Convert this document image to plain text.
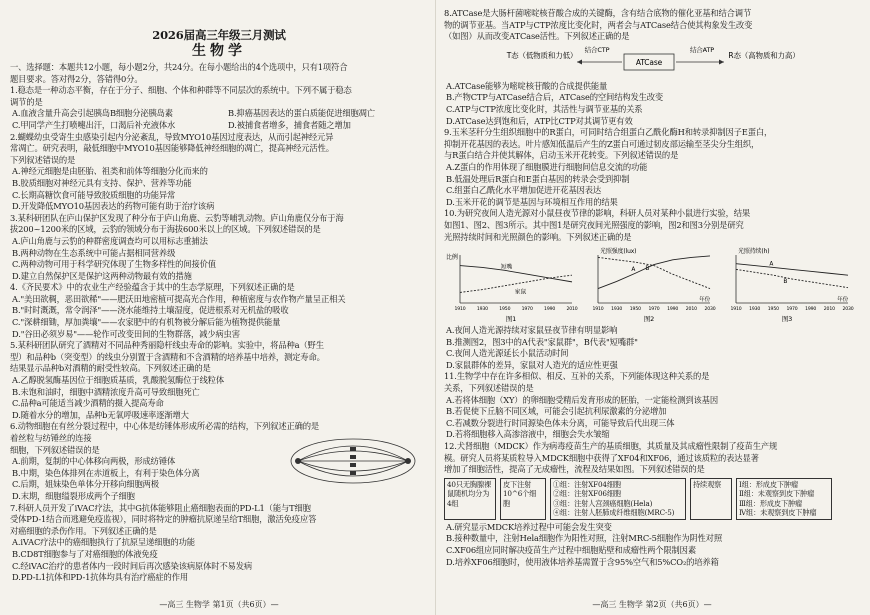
2026届高三年级三月测试
生物学

一、选择题：本题共12小题，每小题2分，共24分。在每小题给出的4个选项中，只有1项符合

题目要求。答对得2分，答错得0分。

1.稳态是一种动态平衡，存在于分子、细胞、个体和种群等不同层次的系统中。下列不属于稳态

调节的是

A.血液含量升高会引起胰岛B细胞分泌胰岛素	B.抑癌基因表达的蛋白质能促进细胞凋亡
C.甲同学产生打喷嚏出汗，口渴后补充液体水	D.被捕食者增多，捕食者随之增加

2.蝴蝶幼虫受寄生虫感染引起内分泌紊乱，导致MYO10基因过度表达，从而引起神经元异

常凋亡。研究表明，敲低细胞中MYO10基因能够降低神经细胞的凋亡，提高神经元活性。

下列叙述错误的是

A.神经元细胞是由胚胎、祖类和前体等细胞分化而来的

B.胶质细胞对神经元具有支持、保护、营养等功能

C.长期高糖饮食可能导致胶质细胞的功能异常

D.开发降低MYO10基因表达的药物可能有助于治疗该病

3.某科研团队在庐山保护区发现了种分布于庐山角鹿、云豹等哺乳动物。庐山角鹿仅分布于海

拔200~1200米的区域，云豹的领域分布于海拔600米以上的区域。下列叙述错误的是

A.庐山角鹿与云豹的种群密度调查均可以用标志重捕法

B.两种动物在生态系统中可能占据相同营养级

C.两种动物可用于科学研究体现了生物多样性的间接价值

D.建立自然保护区是保护这两种动物最有效的措施

4.《齐民要术》中的农业生产经验蕴含于其中的生态学原理，下列叙述正确的是

A."美田欲稠，恶田欲稀"——肥沃田地密植可提高光合作用，种植密度与农作物产量呈正相关

B."时时溉溉，常令润泽"——浇水能维持土壤湿度，促进根系对无机盐的吸收

C."深耕细锄，厚加粪壤"——农家肥中的有机物被分解后能为植物提供能量

D."谷田必须岁易"——轮作可改变田间的生物群落，减少病虫害

5.某科研团队研究了酒精对不同品种秀丽隐杆线虫寿命的影响。实验中，将品种a（野生

型）和品种b（突变型）的线虫分别置于含酒精和不含酒精的培养基中培养，测定寿命。

结果显示品种b对酒精的耐受性较高。下列叙述正确的是

A.乙醇脱氢酶基因位于细胞质基质，乳酸脱氢酶位于线粒体

B.未饱和油时，细胞中酒精浓度升高可导致细胞死亡

C.品种a可能适当减少酒精的摄入提高寿命

D.随着水分的增加，品种b无氧呼吸速率逐渐增大

6.动物细胞在有丝分裂过程中，中心体是纺锤体形成所必需的结构，下列叙述正确的是

着丝粒与纺锤丝的连接

细胞，下列叙述错误的是

A.前期，复制的中心体移向两极，形成纺锤体

B.中期，染色体排列在赤道板上，有利于染色体分离

C.后期，姐妹染色单体分开移向细胞两极

D.末期，细胞缢裂形成两个子细胞

7.科研人员开发了iVAC疗法，其中G抗体能够阻止癌细胞表面的PD-L1（能与T细胞

受体PD-1结合而逃避免疫监视），同时将特定的肿瘤抗原递呈给T细胞，激活免疫应答

对癌细胞的杀伤作用。下列叙述正确的是

A.iVAC疗法中的癌细胞执行了抗原呈递细胞的功能

B.CD8T细胞参与了对癌细胞的体液免疫

C.经iVAC治疗的患者体内一段时间后再次感染该病原体时不易发病

D.PD-L1抗体和PD-1抗体均具有治疗癌症的作用

—高三 生物学 第1页（共6页）—

8.ATCase是大肠杆菌嘧啶核苷酸合成的关键酶，含有结合底物的催化亚基和结合调节

物的调节亚基。当ATP与CTP浓度比变化时，两者会与ATCase结合使其构象发生改变

（如图）从而改变ATCase活性。下列叙述正确的是

T态（低物质和力低）
结合CTP
ATCase
结合ATP
R态（高物质和力高）

A.ATCase能够为嘧啶核苷酸的合成提供能量

B.产物CTP与ATCase结合后，ATCase的空间结构发生改变

C.ATP与CTP浓度比变化时，其活性与调节亚基的关系

D.ATCase达到饱和后，ATP比CTP对其调节更有效

9.玉米茎秆分生组织细胞中的R蛋白，可同时结合组蛋白乙酰化酶H和转录抑制因子E蛋白，

抑制开花基因的表达。叶片感知低温后产生的Z蛋白可通过韧皮部运输至茎尖分生组织，

与R蛋白结合并使其解体，启动玉米开花转变。下列叙述错误的是

A.Z蛋白的作用体现了细胞膜进行细胞间信息交流的功能

B.低温处理后R蛋白和E蛋白基因的转录会受到抑制

C.组蛋白乙酰化水平增加促进开花基因表达

D.玉米开花的调节是基因与环境相互作用的结果

10.为研究夜间人造光源对小鼠昼夜节律的影响，科研人员对某种小鼠进行实验，结果

如图1、图2、图3所示。其中图1是研究夜间光照强度的影响，图2和图3分别是研究

光照持续时间和光照颜色的影响。下列叙述正确的是

比例
1910 1930 1950 1970 1990 2010
短嘴
家鼠
图1
光照强度(lux)
1910 1930 1950 1970 1990 2010 2030
年份
A B
图2
光照持续(h)
1910 1930 1950 1970 1990 2010 2030
年份
A
B
图3

A.夜间人造光源持续对家鼠昼夜节律有明显影响

B.推测图2，图3中的A代表"家鼠群"，B代表"短嘴群"

C.夜间人造光源延长小鼠活动时间

D.家鼠群体的差异，家鼠对人造光的适应性更强

11.生物学中存在许多相似、相反、互补的关系，下列能体现这种关系的是

关系，下列叙述错误的是

A.若将体细胞（XY）的卵细胞受精后发育形成的胚胎，一定能检测到该基因

B.若促使下丘脑不同区域，可能会引起抗利尿激素的分泌增加

C.若减数分裂进行时同源染色体未分离，可能导致后代出现三体

D.若将细胞移入高渗溶液中，细胞会失水皱缩

12.犬肾细胞（MDCK）作为病毒疫苗生产的基质细胞，其质量及其成瘤性限制了疫苗生产规

模。研究人员将某质粒导入MDCK细胞中获得了XF04和XF06，通过该质粒的表达显著

增加了细胞活性，提高了无成瘤性，流程及结果如图。下列叙述错误的是

40只无胸腺裸鼠随机均分为4组
皮下注射10^6个细胞
①组：注射XF04细胞
②组：注射XF06细胞
③组：注射人宫颈癌细胞(Hela)
④组：注射人胚肺成纤维细胞(MRC-5)
持续观察	Ⅰ组：形成皮下肿瘤
Ⅱ组：未观察到皮下肿瘤
Ⅲ组：形成皮下肿瘤
Ⅳ组：未观察到皮下肿瘤

A.研究显示MDCK培养过程中可能会发生突变

B.接种数量中，注射Hela细胞作为阳性对照，注射MRC-5细胞作为阴性对照

C.XF06组应同时解决疫苗生产过程中细胞贴壁和成瘤性两个限制因素

D.培养XF06细胞时，使用液体培养基需置于含95%空气和5%CO₂的培养箱

—高三 生物学 第2页（共6页）—
